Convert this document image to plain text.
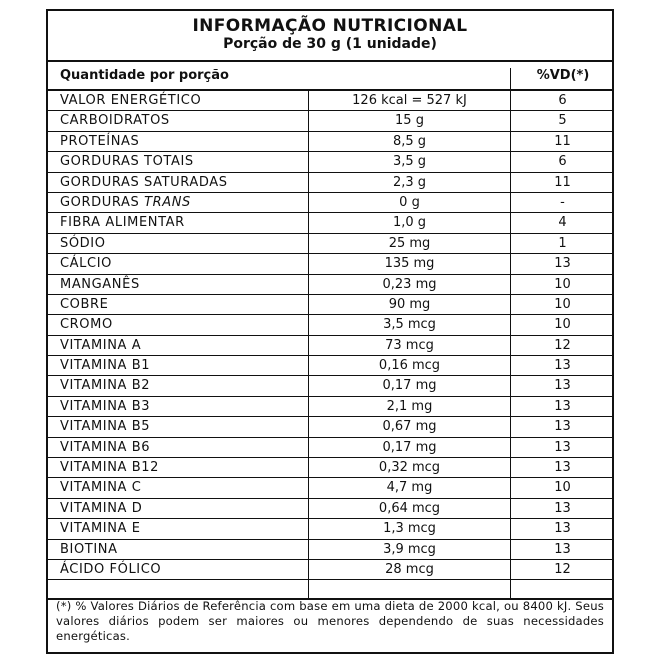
INFORMAÇÃO NUTRICIONAL
Porção de 30 g (1 unidade)
Quantidade por porção	%VD(*)
VALOR ENERGÉTICO	126 kcal = 527 kJ	6
CARBOIDRATOS	15 g	5
PROTEÍNAS	8,5 g	11
GORDURAS TOTAIS	3,5 g	6
GORDURAS SATURADAS	2,3 g	11
GORDURAS TRANS	0 g	-
FIBRA ALIMENTAR	1,0 g	4
SÓDIO	25 mg	1
CÁLCIO	135 mg	13
MANGANÊS	0,23 mg	10
COBRE	90 mg	10
CROMO	3,5 mcg	10
VITAMINA A	73 mcg	12
VITAMINA B1	0,16 mcg	13
VITAMINA B2	0,17 mg	13
VITAMINA B3	2,1 mg	13
VITAMINA B5	0,67 mg	13
VITAMINA B6	0,17 mg	13
VITAMINA B12	0,32 mcg	13
VITAMINA C	4,7 mg	10
VITAMINA D	0,64 mcg	13
VITAMINA E	1,3 mcg	13
BIOTINA	3,9 mcg	13
ÁCIDO FÓLICO	28 mcg	12
(*) % Valores Diários de Referência com base em uma dieta de 2000 kcal, ou 8400 kJ. Seus valores diários podem ser maiores ou menores dependendo de suas necessidades energéticas.
